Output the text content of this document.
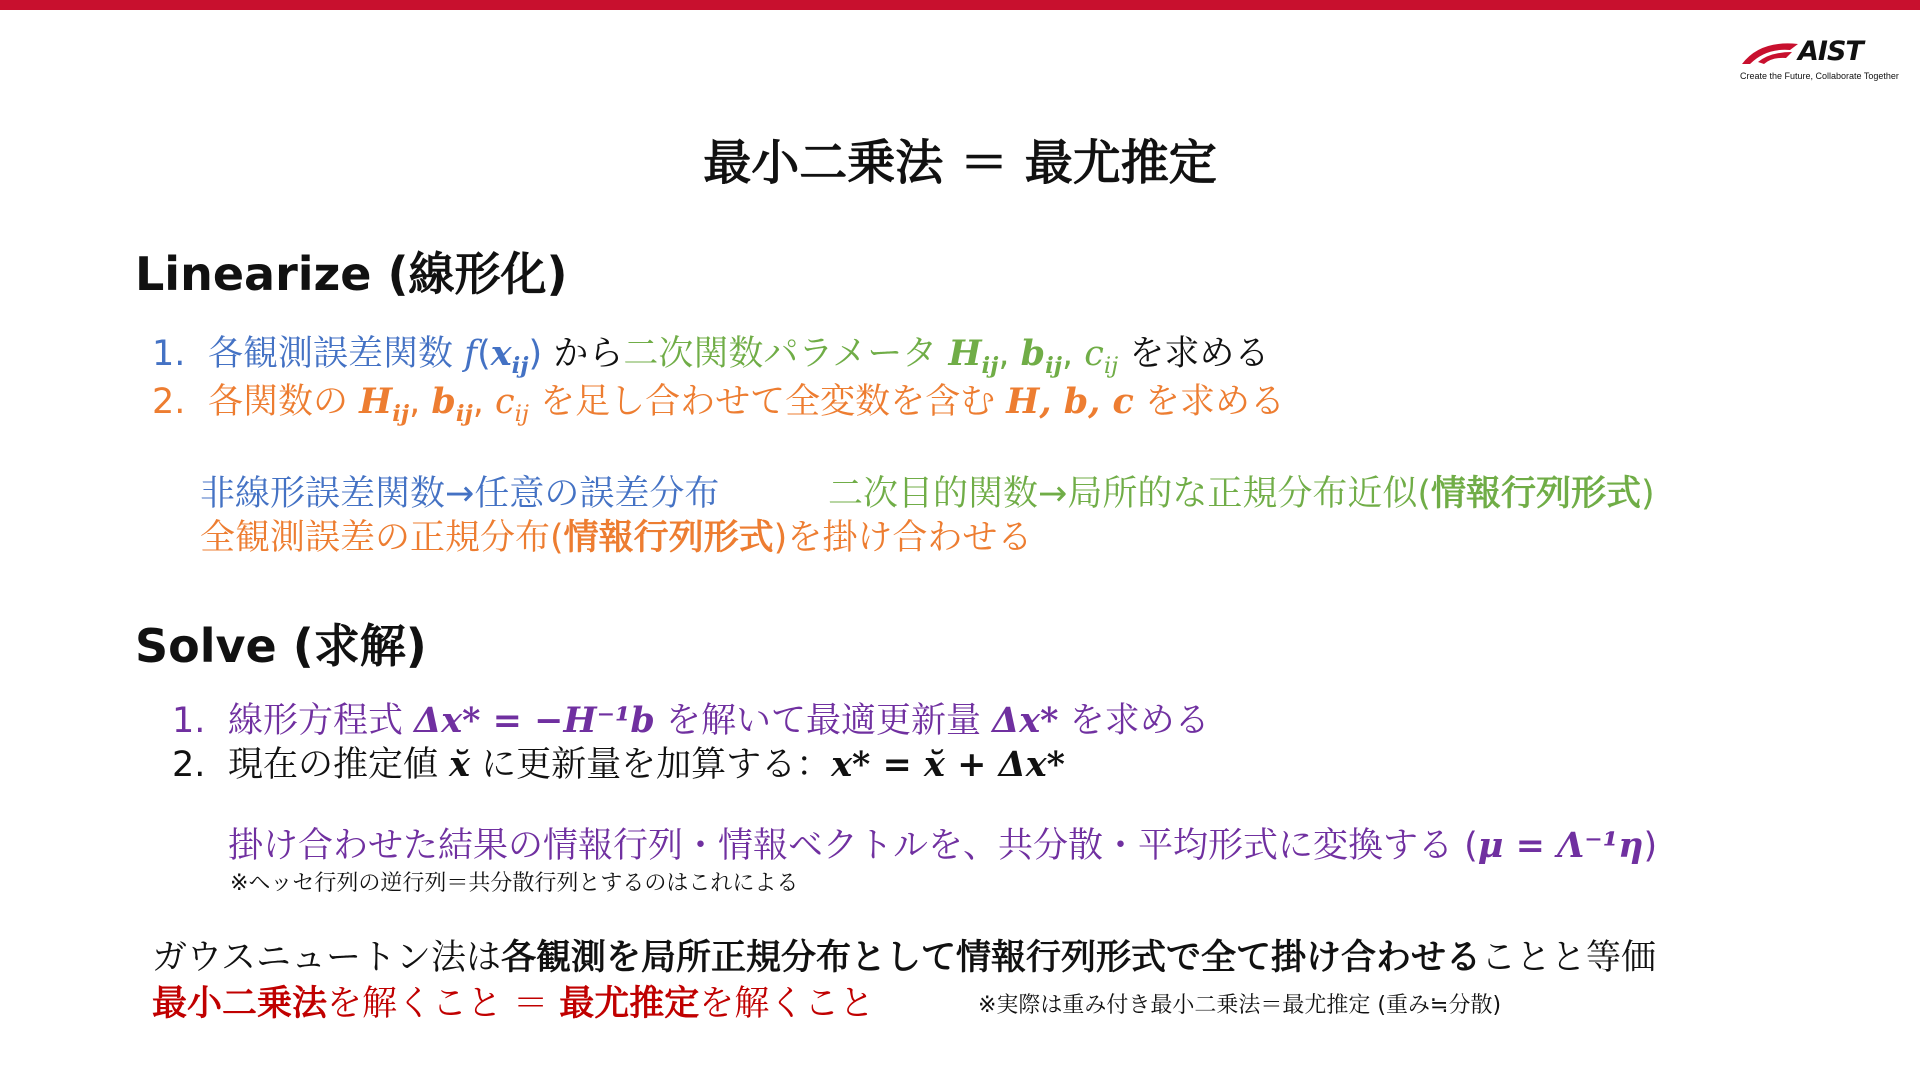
AIST
Create the Future, Collaborate Together
最小二乗法 ＝ 最尤推定
Linearize (線形化)
1. 各観測誤差関数 $f(x_{ij})$ から二次関数パラメータ $H_{ij}$, $b_{ij}$, $c_{ij}$ を求める
2. 各関数の $H_{ij}$, $b_{ij}$, $c_{ij}$ を足し合わせて全変数を含む H, b, c を求める
非線形誤差関数→任意の誤差分布	二次目的関数→局所的な正規分布近似(情報行列形式)
全観測誤差の正規分布(情報行列形式)を掛け合わせる
Solve (求解)
1. 線形方程式 Δx* = −H⁻¹b を解いて最適更新量 Δx* を求める
2. 現在の推定値 x̆ に更新量を加算する：x* = x̆ + Δx*
掛け合わせた結果の情報行列・情報ベクトルを、共分散・平均形式に変換する (μ = Λ⁻¹η)
※ヘッセ行列の逆行列＝共分散行列とするのはこれによる
ガウスニュートン法は各観測を局所正規分布として情報行列形式で全て掛け合わせることと等価
最小二乗法を解くこと ＝ 最尤推定を解くこと	※実際は重み付き最小二乗法＝最尤推定 (重み≒分散)
